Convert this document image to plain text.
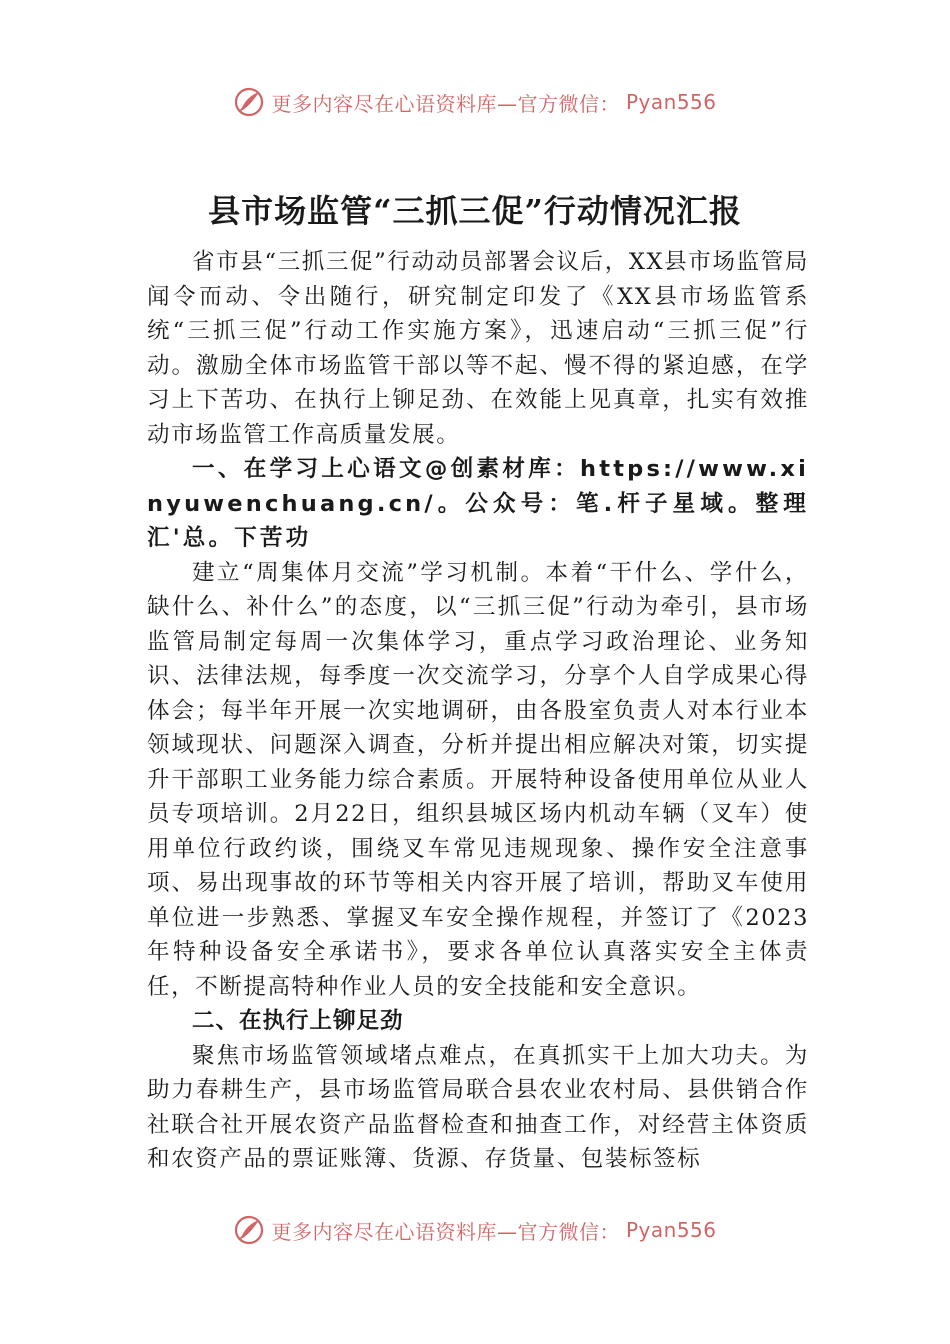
更多内容尽在心语资料库—官方微信： Pyan556
县市场监管“三抓三促”行动情况汇报

省市县“三抓三促”行动动员部署会议后，XX县市场监管局闻令而动、令出随行，研究制定印发了《XX县市场监管系统“三抓三促”行动工作实施方案》，迅速启动“三抓三促”行动。激励全体市场监管干部以等不起、慢不得的紧迫感，在学习上下苦功、在执行上铆足劲、在效能上见真章，扎实有效推动市场监管工作高质量发展。

一、在学习上心语文@创素材库：https://www.xinyuwenchuang.cn/。公众号：笔.杆子星域。整理汇'总。下苦功

建立“周集体月交流”学习机制。本着“干什么、学什么，缺什么、补什么”的态度，以“三抓三促”行动为牵引，县市场监管局制定每周一次集体学习，重点学习政治理论、业务知识、法律法规，每季度一次交流学习，分享个人自学成果心得体会；每半年开展一次实地调研，由各股室负责人对本行业本领域现状、问题深入调查，分析并提出相应解决对策，切实提升干部职工业务能力综合素质。开展特种设备使用单位从业人员专项培训。2月22日，组织县城区场内机动车辆（叉车）使用单位行政约谈，围绕叉车常见违规现象、操作安全注意事项、易出现事故的环节等相关内容开展了培训，帮助叉车使用单位进一步熟悉、掌握叉车安全操作规程，并签订了《2023年特种设备安全承诺书》，要求各单位认真落实安全主体责任，不断提高特种作业人员的安全技能和安全意识。

二、在执行上铆足劲

聚焦市场监管领域堵点难点，在真抓实干上加大功夫。为助力春耕生产，县市场监管局联合县农业农村局、县供销合作社联合社开展农资产品监督检查和抽查工作，对经营主体资质和农资产品的票证账簿、货源、存货量、包装标签标

更多内容尽在心语资料库—官方微信： Pyan556
